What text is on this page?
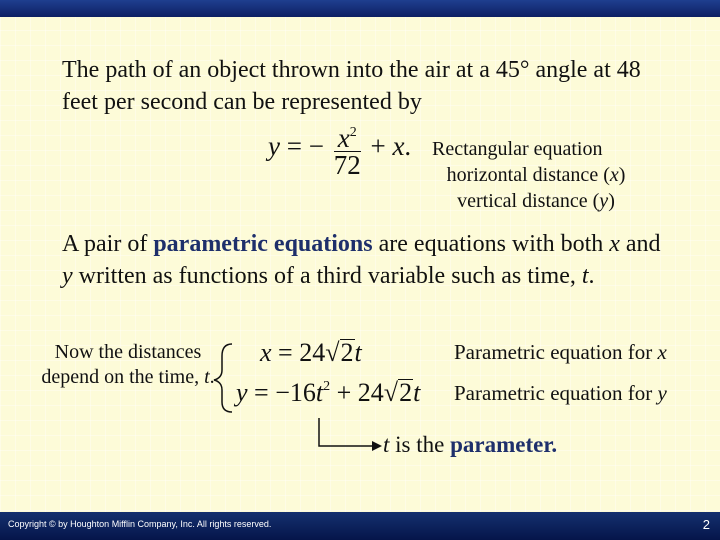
The path of an object thrown into the air at a 45° angle at 48 feet per second can be represented by
y = − $\frac{x^2}{72} + x$. Rectangular equation
horizontal distance (x)
vertical distance (y)
A pair of parametric equations are equations with both x and y written as functions of a third variable such as time, t.
Now the distances depend on the time, t.
x = 24√2t
$y = -16t^2 + 24√2t$
Parametric equation for x
Parametric equation for y
t is the parameter.
Copyright © by Houghton Mifflin Company, Inc. All rights reserved.	2
